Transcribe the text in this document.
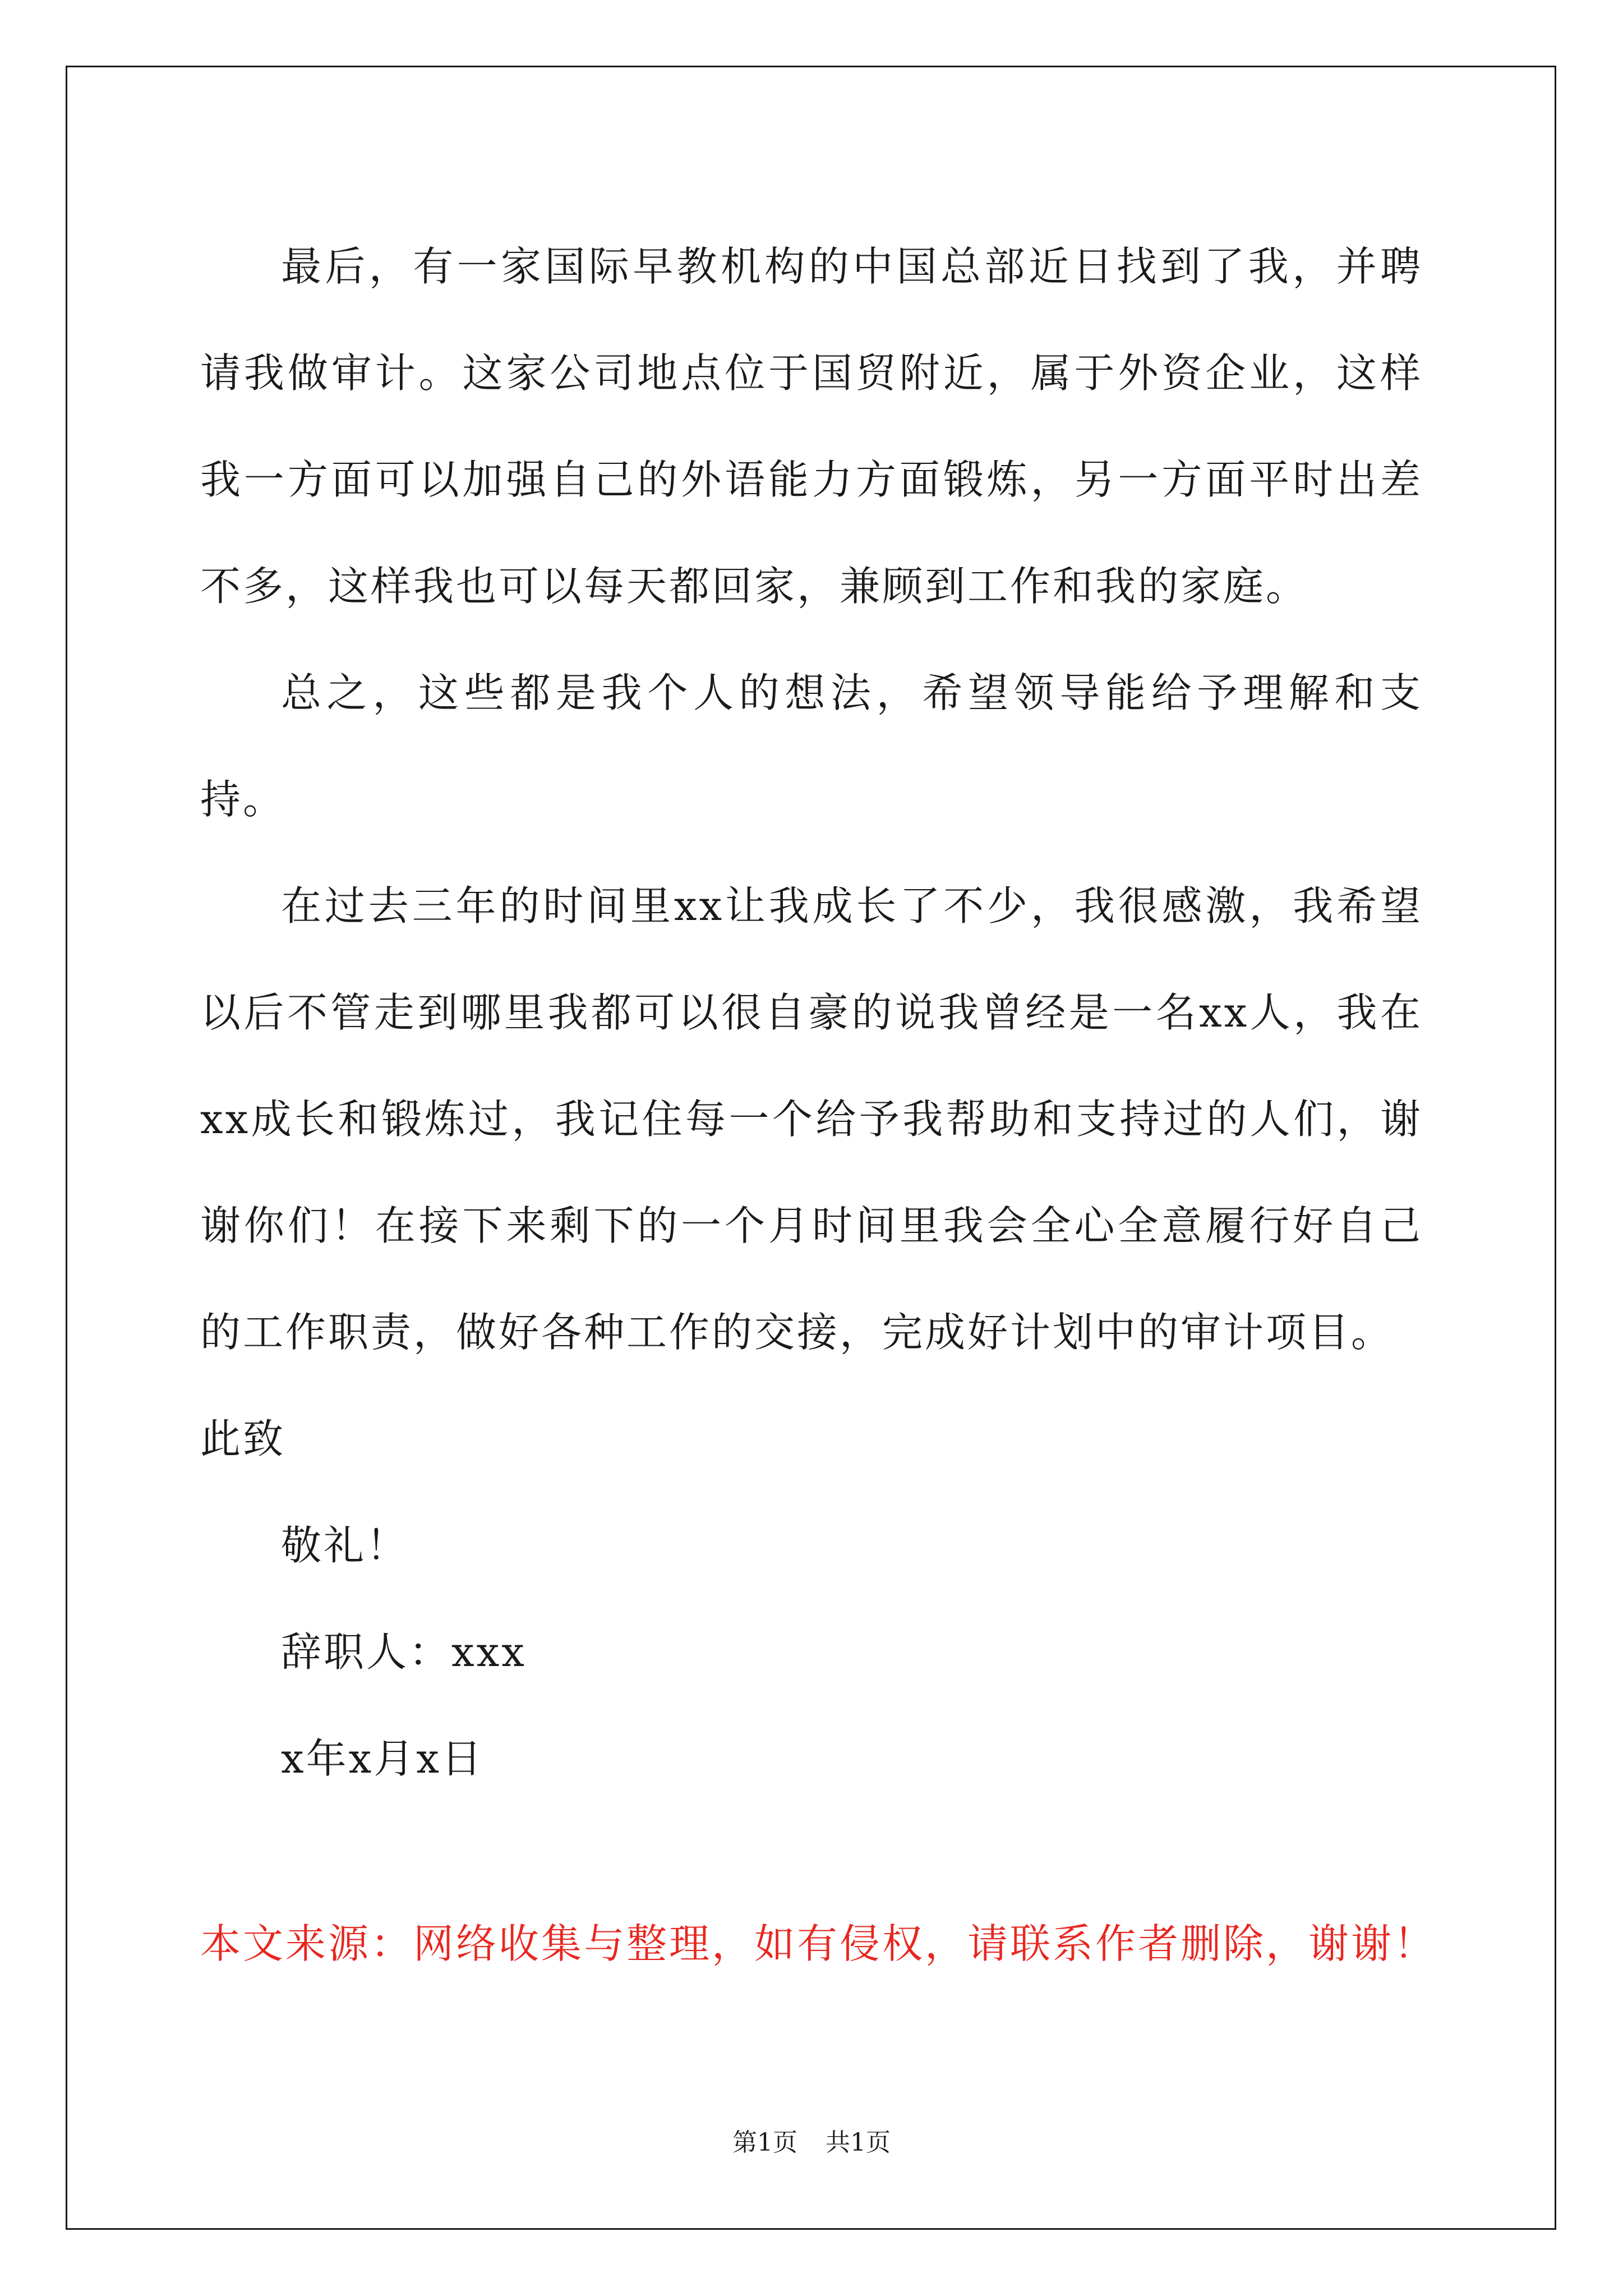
最后，有一家国际早教机构的中国总部近日找到了我，并聘请我做审计。这家公司地点位于国贸附近，属于外资企业，这样我一方面可以加强自己的外语能力方面锻炼，另一方面平时出差不多，这样我也可以每天都回家，兼顾到工作和我的家庭。

总之，这些都是我个人的想法，希望领导能给予理解和支持。

在过去三年的时间里xx让我成长了不少，我很感激，我希望以后不管走到哪里我都可以很自豪的说我曾经是一名xx人，我在xx成长和锻炼过，我记住每一个给予我帮助和支持过的人们，谢谢你们！在接下来剩下的一个月时间里我会全心全意履行好自己的工作职责，做好各种工作的交接，完成好计划中的审计项目。

此致

敬礼！

辞职人：xxx

x年x月x日

本文来源：网络收集与整理，如有侵权，请联系作者删除，谢谢！
第1页 共1页
